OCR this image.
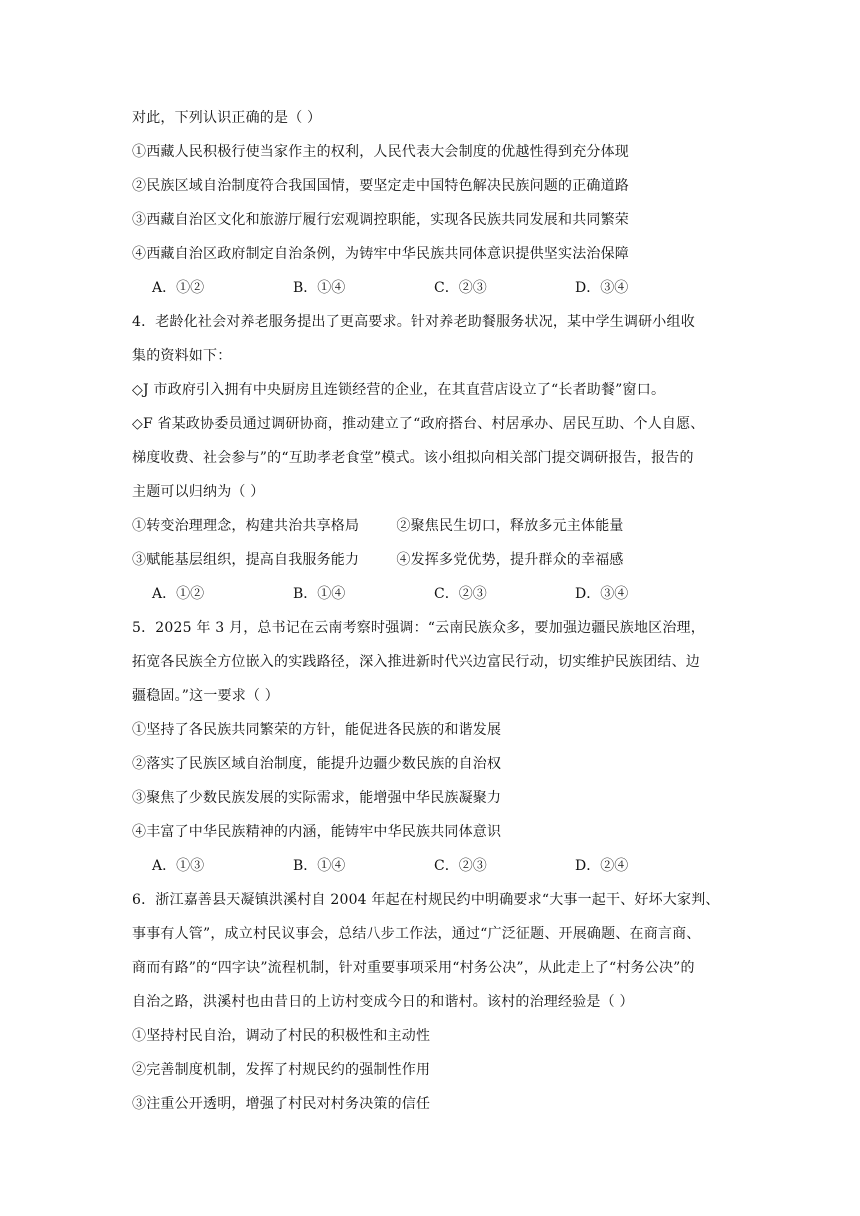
对此，下列认识正确的是（ ）
①西藏人民积极行使当家作主的权利，人民代表大会制度的优越性得到充分体现
②民族区域自治制度符合我国国情，要坚定走中国特色解决民族问题的正确道路
③西藏自治区文化和旅游厅履行宏观调控职能，实现各民族共同发展和共同繁荣
④西藏自治区政府制定自治条例，为铸牢中华民族共同体意识提供坚实法治保障
A．①②	B．①④	C．②③	D．③④
4．老龄化社会对养老服务提出了更高要求。针对养老助餐服务状况，某中学生调研小组收
集的资料如下：
◇J 市政府引入拥有中央厨房且连锁经营的企业，在其直营店设立了“长者助餐”窗口。
◇F 省某政协委员通过调研协商，推动建立了“政府搭台、村居承办、居民互助、个人自愿、
梯度收费、社会参与”的“互助孝老食堂”模式。该小组拟向相关部门提交调研报告，报告的
主题可以归纳为（ ）
①转变治理理念，构建共治共享格局        ②聚焦民生切口，释放多元主体能量
③赋能基层组织，提高自我服务能力        ④发挥多党优势，提升群众的幸福感
A．①②	B．①④	C．②③	D．③④
5．2025 年 3 月，总书记在云南考察时强调：“云南民族众多，要加强边疆民族地区治理，
拓宽各民族全方位嵌入的实践路径，深入推进新时代兴边富民行动，切实维护民族团结、边
疆稳固。”这一要求（ ）
①坚持了各民族共同繁荣的方针，能促进各民族的和谐发展
②落实了民族区域自治制度，能提升边疆少数民族的自治权
③聚焦了少数民族发展的实际需求，能增强中华民族凝聚力
④丰富了中华民族精神的内涵，能铸牢中华民族共同体意识
A．①③	B．①④	C．②③	D．②④
6．浙江嘉善县天凝镇洪溪村自 2004 年起在村规民约中明确要求“大事一起干、好坏大家判、
事事有人管”，成立村民议事会，总结八步工作法，通过“广泛征题、开展确题、在商言商、
商而有路”的“四字诀”流程机制，针对重要事项采用“村务公决”，从此走上了“村务公决”的
自治之路，洪溪村也由昔日的上访村变成今日的和谐村。该村的治理经验是（ ）
①坚持村民自治，调动了村民的积极性和主动性
②完善制度机制，发挥了村规民约的强制性作用
③注重公开透明，增强了村民对村务决策的信任
